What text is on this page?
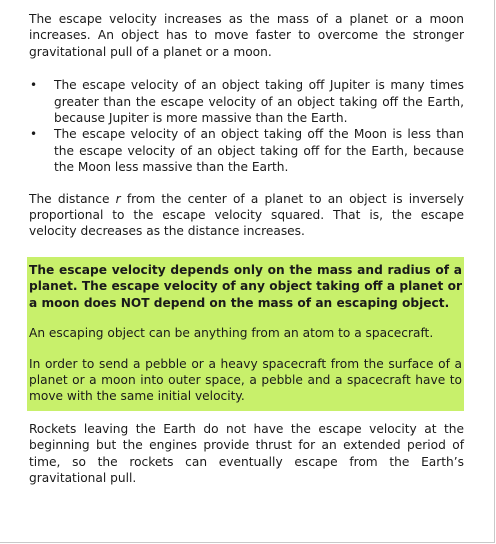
The escape velocity increases as the mass of a planet or a moon increases. An object has to move faster to overcome the stronger gravitational pull of a planet or a moon.

• The escape velocity of an object taking off Jupiter is many times greater than the escape velocity of an object taking off the Earth, because Jupiter is more massive than the Earth.
• The escape velocity of an object taking off the Moon is less than the escape velocity of an object taking off for the Earth, because the Moon less massive than the Earth.

The distance r from the center of a planet to an object is inversely proportional to the escape velocity squared. That is, the escape velocity decreases as the distance increases.

The escape velocity depends only on the mass and radius of a planet. The escape velocity of any object taking off a planet or a moon does NOT depend on the mass of an escaping object.

An escaping object can be anything from an atom to a spacecraft.

In order to send a pebble or a heavy spacecraft from the surface of a planet or a moon into outer space, a pebble and a spacecraft have to move with the same initial velocity.

Rockets leaving the Earth do not have the escape velocity at the beginning but the engines provide thrust for an extended period of time, so the rockets can eventually escape from the Earth’s gravitational pull.
